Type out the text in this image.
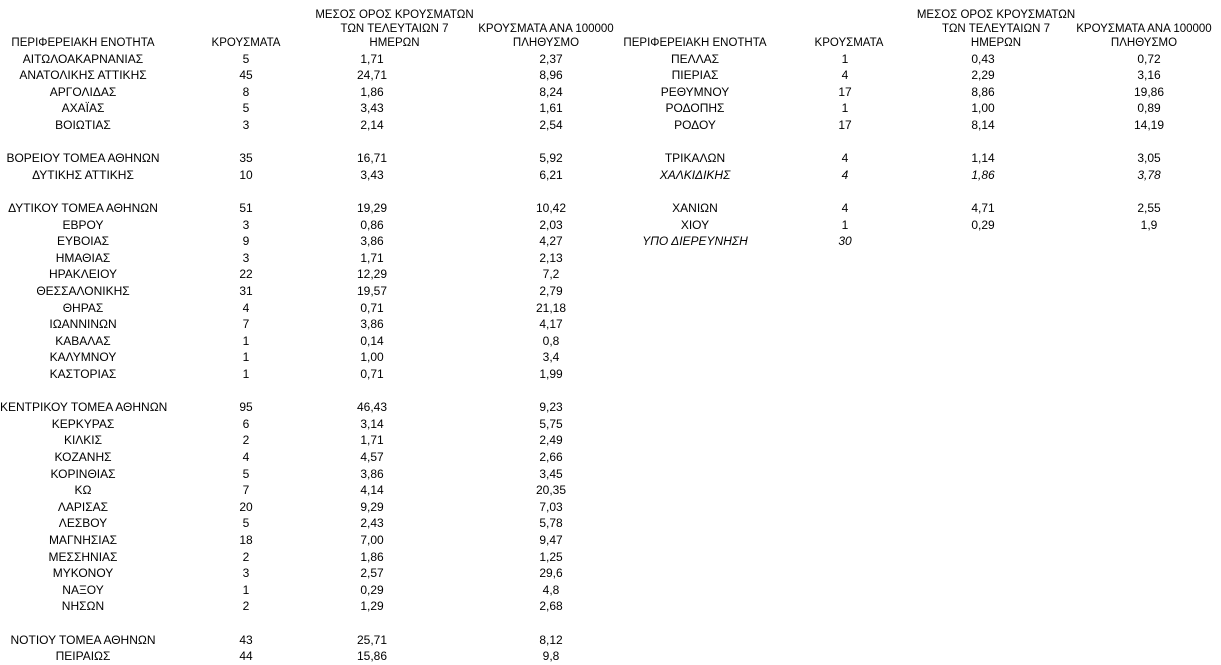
ΠΕΡΙΦΕΡΕΙΑΚΗ ΕΝΟΤΗΤΑ	ΚΡΟΥΣΜΑΤΑ
ΜΕΣΟΣ ΟΡΟΣ ΚΡΟΥΣΜΑΤΩΝ
ΤΩΝ ΤΕΛΕΥΤΑΙΩΝ 7
ΗΜΕΡΩΝ
ΚΡΟΥΣΜΑΤΑ ΑΝΑ 100000
ΠΛΗΘΥΣΜΟ
ΑΙΤΩΛΟΑΚΑΡΝΑΝΙΑΣ	5	1,71	2,37
ΑΝΑΤΟΛΙΚΗΣ ΑΤΤΙΚΗΣ	45	24,71	8,96
ΑΡΓΟΛΙΔΑΣ	8	1,86	8,24
ΑΧΑΪΑΣ	5	3,43	1,61
ΒΟΙΩΤΙΑΣ	3	2,14	2,54
ΒΟΡΕΙΟΥ ΤΟΜΕΑ ΑΘΗΝΩΝ	35	16,71	5,92
ΔΥΤΙΚΗΣ ΑΤΤΙΚΗΣ	10	3,43	6,21
ΔΥΤΙΚΟΥ ΤΟΜΕΑ ΑΘΗΝΩΝ	51	19,29	10,42
ΕΒΡΟΥ	3	0,86	2,03
ΕΥΒΟΙΑΣ	9	3,86	4,27
ΗΜΑΘΙΑΣ	3	1,71	2,13
ΗΡΑΚΛΕΙΟΥ	22	12,29	7,2
ΘΕΣΣΑΛΟΝΙΚΗΣ	31	19,57	2,79
ΘΗΡΑΣ	4	0,71	21,18
ΙΩΑΝΝΙΝΩΝ	7	3,86	4,17
ΚΑΒΑΛΑΣ	1	0,14	0,8
ΚΑΛΥΜΝΟΥ	1	1,00	3,4
ΚΑΣΤΟΡΙΑΣ	1	0,71	1,99
ΚΕΝΤΡΙΚΟΥ ΤΟΜΕΑ ΑΘΗΝΩΝ	95	46,43	9,23
ΚΕΡΚΥΡΑΣ	6	3,14	5,75
ΚΙΛΚΙΣ	2	1,71	2,49
ΚΟΖΑΝΗΣ	4	4,57	2,66
ΚΟΡΙΝΘΙΑΣ	5	3,86	3,45
ΚΩ	7	4,14	20,35
ΛΑΡΙΣΑΣ	20	9,29	7,03
ΛΕΣΒΟΥ	5	2,43	5,78
ΜΑΓΝΗΣΙΑΣ	18	7,00	9,47
ΜΕΣΣΗΝΙΑΣ	2	1,86	1,25
ΜΥΚΟΝΟΥ	3	2,57	29,6
ΝΑΞΟΥ	1	0,29	4,8
ΝΗΣΩΝ	2	1,29	2,68
ΝΟΤΙΟΥ ΤΟΜΕΑ ΑΘΗΝΩΝ	43	25,71	8,12
ΠΕΙΡΑΙΩΣ	44	15,86	9,8
ΠΕΡΙΦΕΡΕΙΑΚΗ ΕΝΟΤΗΤΑ	ΚΡΟΥΣΜΑΤΑ
ΜΕΣΟΣ ΟΡΟΣ ΚΡΟΥΣΜΑΤΩΝ
ΤΩΝ ΤΕΛΕΥΤΑΙΩΝ 7
ΗΜΕΡΩΝ
ΚΡΟΥΣΜΑΤΑ ΑΝΑ 100000
ΠΛΗΘΥΣΜΟ
ΠΕΛΛΑΣ	1	0,43	0,72
ΠΙΕΡΙΑΣ	4	2,29	3,16
ΡΕΘΥΜΝΟΥ	17	8,86	19,86
ΡΟΔΟΠΗΣ	1	1,00	0,89
ΡΟΔΟΥ	17	8,14	14,19
ΤΡΙΚΑΛΩΝ	4	1,14	3,05
ΧΑΛΚΙΔΙΚΗΣ	4	1,86	3,78
ΧΑΝΙΩΝ	4	4,71	2,55
ΧΙΟΥ	1	0,29	1,9
ΥΠΟ ΔΙΕΡΕΥΝΗΣΗ	30
